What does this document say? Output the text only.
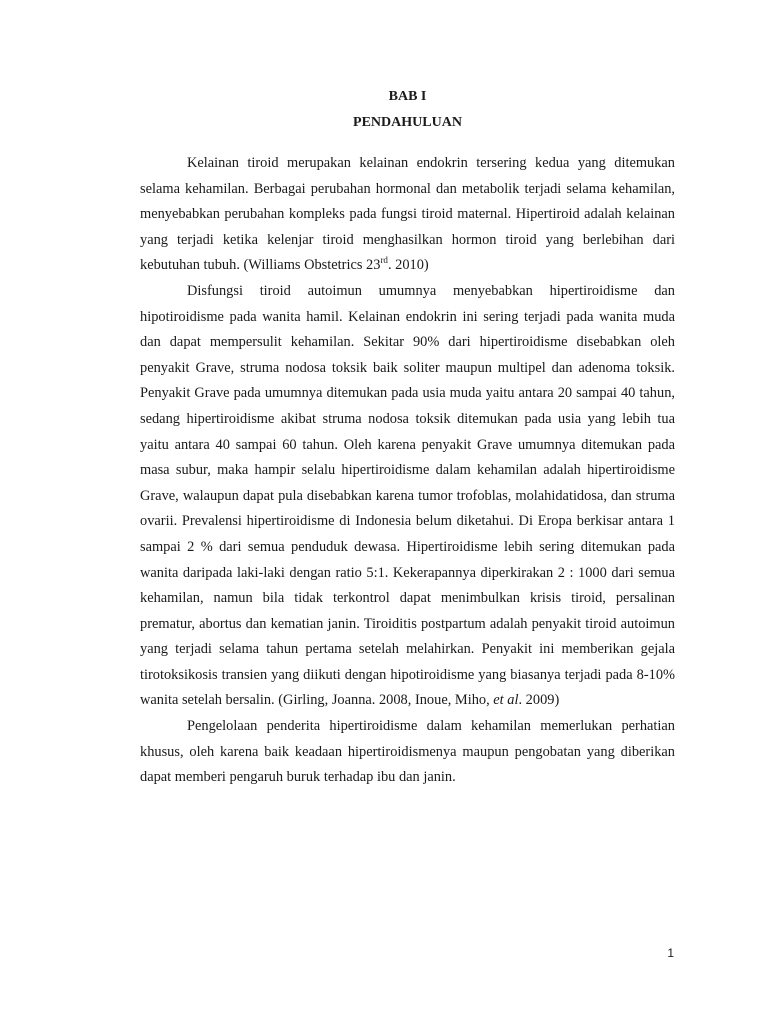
BAB I
PENDAHULUAN

Kelainan tiroid merupakan kelainan endokrin tersering kedua yang ditemukan selama kehamilan. Berbagai perubahan hormonal dan metabolik terjadi selama kehamilan, menyebabkan perubahan kompleks pada fungsi tiroid maternal. Hipertiroid adalah kelainan yang terjadi ketika kelenjar tiroid menghasilkan hormon tiroid yang berlebihan dari kebutuhan tubuh. (Williams Obstetrics 23rd. 2010)

Disfungsi tiroid autoimun umumnya menyebabkan hipertiroidisme dan hipotiroidisme pada wanita hamil. Kelainan endokrin ini sering terjadi pada wanita muda dan dapat mempersulit kehamilan. Sekitar 90% dari hipertiroidisme disebabkan oleh penyakit Grave, struma nodosa toksik baik soliter maupun multipel dan adenoma toksik. Penyakit Grave pada umumnya ditemukan pada usia muda yaitu antara 20 sampai 40 tahun, sedang hipertiroidisme akibat struma nodosa toksik ditemukan pada usia yang lebih tua yaitu antara 40 sampai 60 tahun. Oleh karena penyakit Grave umumnya ditemukan pada masa subur, maka hampir selalu hipertiroidisme dalam kehamilan adalah hipertiroidisme Grave, walaupun dapat pula disebabkan karena tumor trofoblas, molahidatidosa, dan struma ovarii. Prevalensi hipertiroidisme di Indonesia belum diketahui. Di Eropa berkisar antara 1 sampai 2 % dari semua penduduk dewasa. Hipertiroidisme lebih sering ditemukan pada wanita daripada laki-laki dengan ratio 5:1. Kekerapannya diperkirakan 2 : 1000 dari semua kehamilan, namun bila tidak terkontrol dapat menimbulkan krisis tiroid, persalinan prematur, abortus dan kematian janin. Tiroiditis postpartum adalah penyakit tiroid autoimun yang terjadi selama tahun pertama setelah melahirkan. Penyakit ini memberikan gejala tirotoksikosis transien yang diikuti dengan hipotiroidisme yang biasanya terjadi pada 8-10% wanita setelah bersalin. (Girling, Joanna. 2008, Inoue, Miho, et al. 2009)

Pengelolaan penderita hipertiroidisme dalam kehamilan memerlukan perhatian khusus, oleh karena baik keadaan hipertiroidismenya maupun pengobatan yang diberikan dapat memberi pengaruh buruk terhadap ibu dan janin.

1
